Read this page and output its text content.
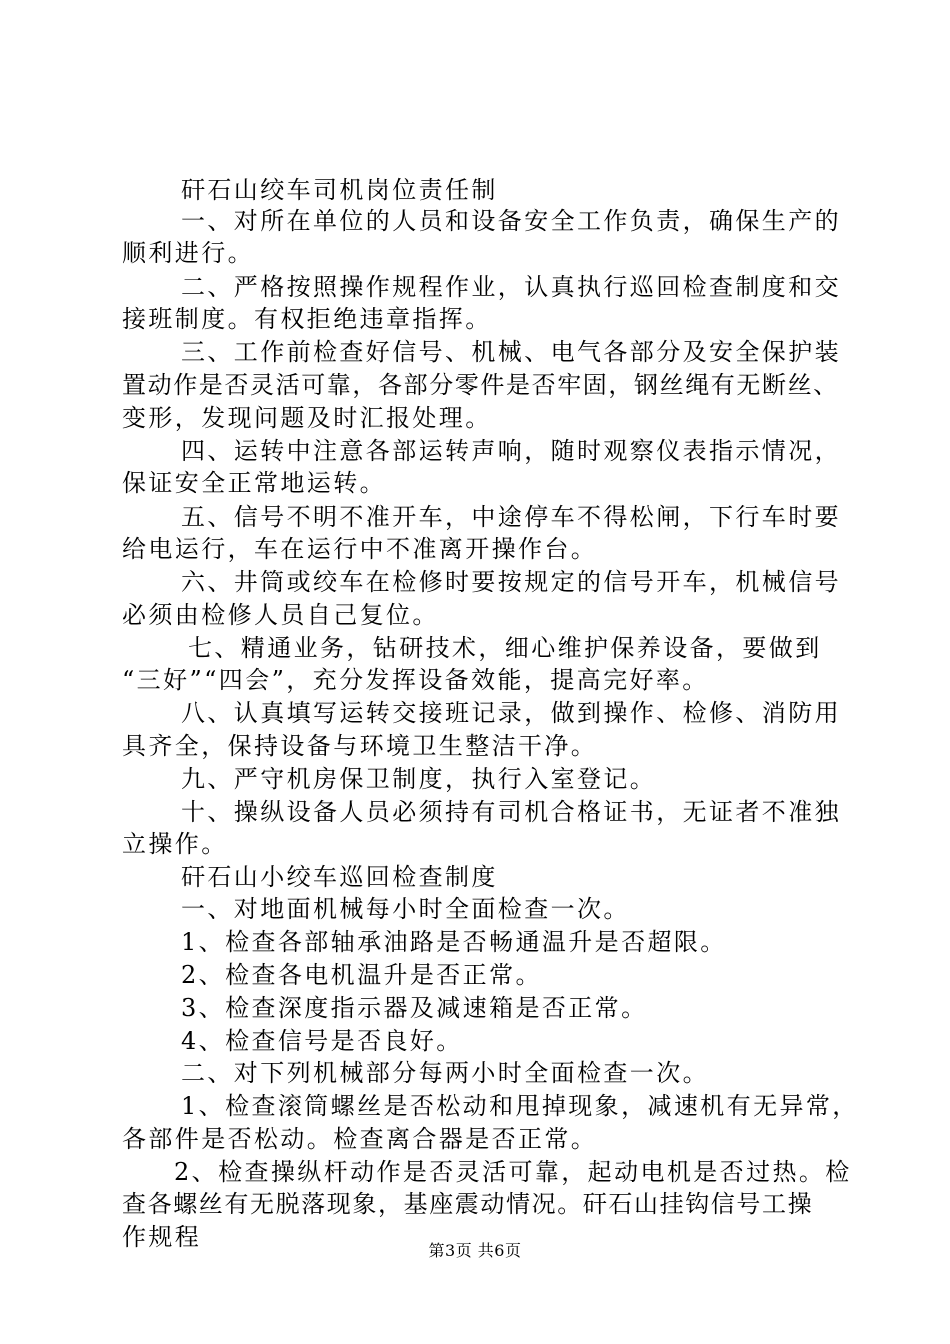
矸石山绞车司机岗位责任制

一、对所在单位的人员和设备安全工作负责，确保生产的

顺利进行。

二、严格按照操作规程作业，认真执行巡回检查制度和交

接班制度。有权拒绝违章指挥。

三、工作前检查好信号、机械、电气各部分及安全保护装

置动作是否灵活可靠，各部分零件是否牢固，钢丝绳有无断丝、

变形，发现问题及时汇报处理。

四、运转中注意各部运转声响，随时观察仪表指示情况，

保证安全正常地运转。

五、信号不明不准开车，中途停车不得松闸，下行车时要

给电运行，车在运行中不准离开操作台。

六、井筒或绞车在检修时要按规定的信号开车，机械信号

必须由检修人员自己复位。

七、精通业务，钻研技术，细心维护保养设备，要做到

“三好”“四会”，充分发挥设备效能，提高完好率。

八、认真填写运转交接班记录，做到操作、检修、消防用

具齐全，保持设备与环境卫生整洁干净。

九、严守机房保卫制度，执行入室登记。

十、操纵设备人员必须持有司机合格证书，无证者不准独

立操作。

矸石山小绞车巡回检查制度

一、对地面机械每小时全面检查一次。

1、检查各部轴承油路是否畅通温升是否超限。

2、检查各电机温升是否正常。

3、检查深度指示器及减速箱是否正常。

4、检查信号是否良好。

二、对下列机械部分每两小时全面检查一次。

1、检查滚筒螺丝是否松动和甩掉现象，减速机有无异常，

各部件是否松动。检查离合器是否正常。

2、检查操纵杆动作是否灵活可靠，起动电机是否过热。检

查各螺丝有无脱落现象，基座震动情况。矸石山挂钩信号工操

作规程	第3页 共6页
